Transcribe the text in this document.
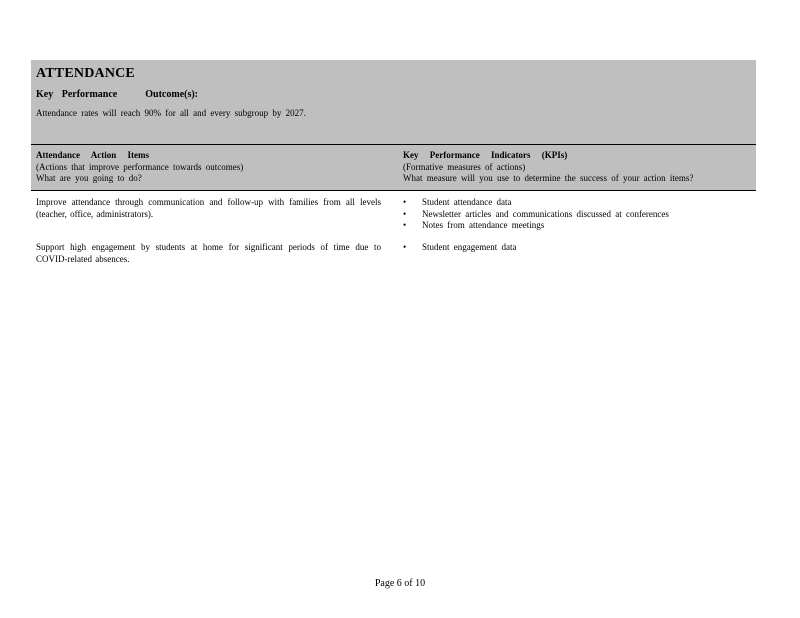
ATTENDANCE
Key Performance	Outcome(s):
Attendance rates will reach 90% for all and every subgroup by 2027.
Attendance Action Items
(Actions that improve performance towards outcomes)
What are you going to do?
Key Performance Indicators (KPIs)
(Formative measures of actions)
What measure will you use to determine the success of your action items?
Improve attendance through communication and follow-up with families from all levels (teacher, office, administrators).
• Student attendance data
• Newsletter articles and communications discussed at conferences
• Notes from attendance meetings
Support high engagement by students at home for significant periods of time due to COVID-related absences.
• Student engagement data
Page 6 of 10
